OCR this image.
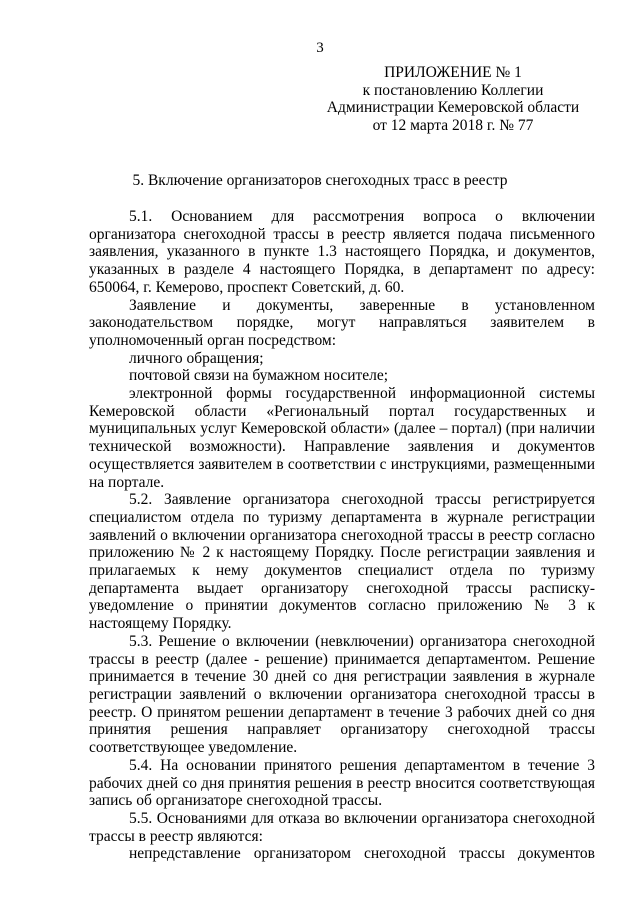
3
ПРИЛОЖЕНИЕ № 1
к постановлению Коллегии
Администрации Кемеровской области
от 12 марта 2018 г. № 77
5. Включение организаторов снегоходных трасс в реестр

5.1. Основанием для рассмотрения вопроса о включении организатора снегоходной трассы в реестр является подача письменного заявления, указанного в пункте 1.3 настоящего Порядка, и документов, указанных в разделе 4 настоящего Порядка, в департамент по адресу: 650064, г. Кемерово, проспект Советский, д. 60.

Заявление и документы, заверенные в установленном законодательством порядке, могут направляться заявителем в уполномоченный орган посредством:

личного обращения;

почтовой связи на бумажном носителе;

электронной формы государственной информационной системы Кемеровской области «Региональный портал государственных и муниципальных услуг Кемеровской области» (далее – портал) (при наличии технической возможности). Направление заявления и документов осуществляется заявителем в соответствии с инструкциями, размещенными на портале.

5.2. Заявление организатора снегоходной трассы регистрируется специалистом отдела по туризму департамента в журнале регистрации заявлений о включении организатора снегоходной трассы в реестр согласно приложению № 2 к настоящему Порядку. После регистрации заявления и прилагаемых к нему документов специалист отдела по туризму департамента выдает организатору снегоходной трассы расписку-уведомление о принятии документов согласно приложению № 3 к настоящему Порядку.

5.3. Решение о включении (невключении) организатора снегоходной трассы в реестр (далее - решение) принимается департаментом. Решение принимается в течение 30 дней со дня регистрации заявления в журнале регистрации заявлений о включении организатора снегоходной трассы в реестр. О принятом решении департамент в течение 3 рабочих дней со дня принятия решения направляет организатору снегоходной трассы соответствующее уведомление.

5.4. На основании принятого решения департаментом в течение 3 рабочих дней со дня принятия решения в реестр вносится соответствующая запись об организаторе снегоходной трассы.

5.5. Основаниями для отказа во включении организатора снегоходной трассы в реестр являются:

непредставление организатором снегоходной трассы документов
